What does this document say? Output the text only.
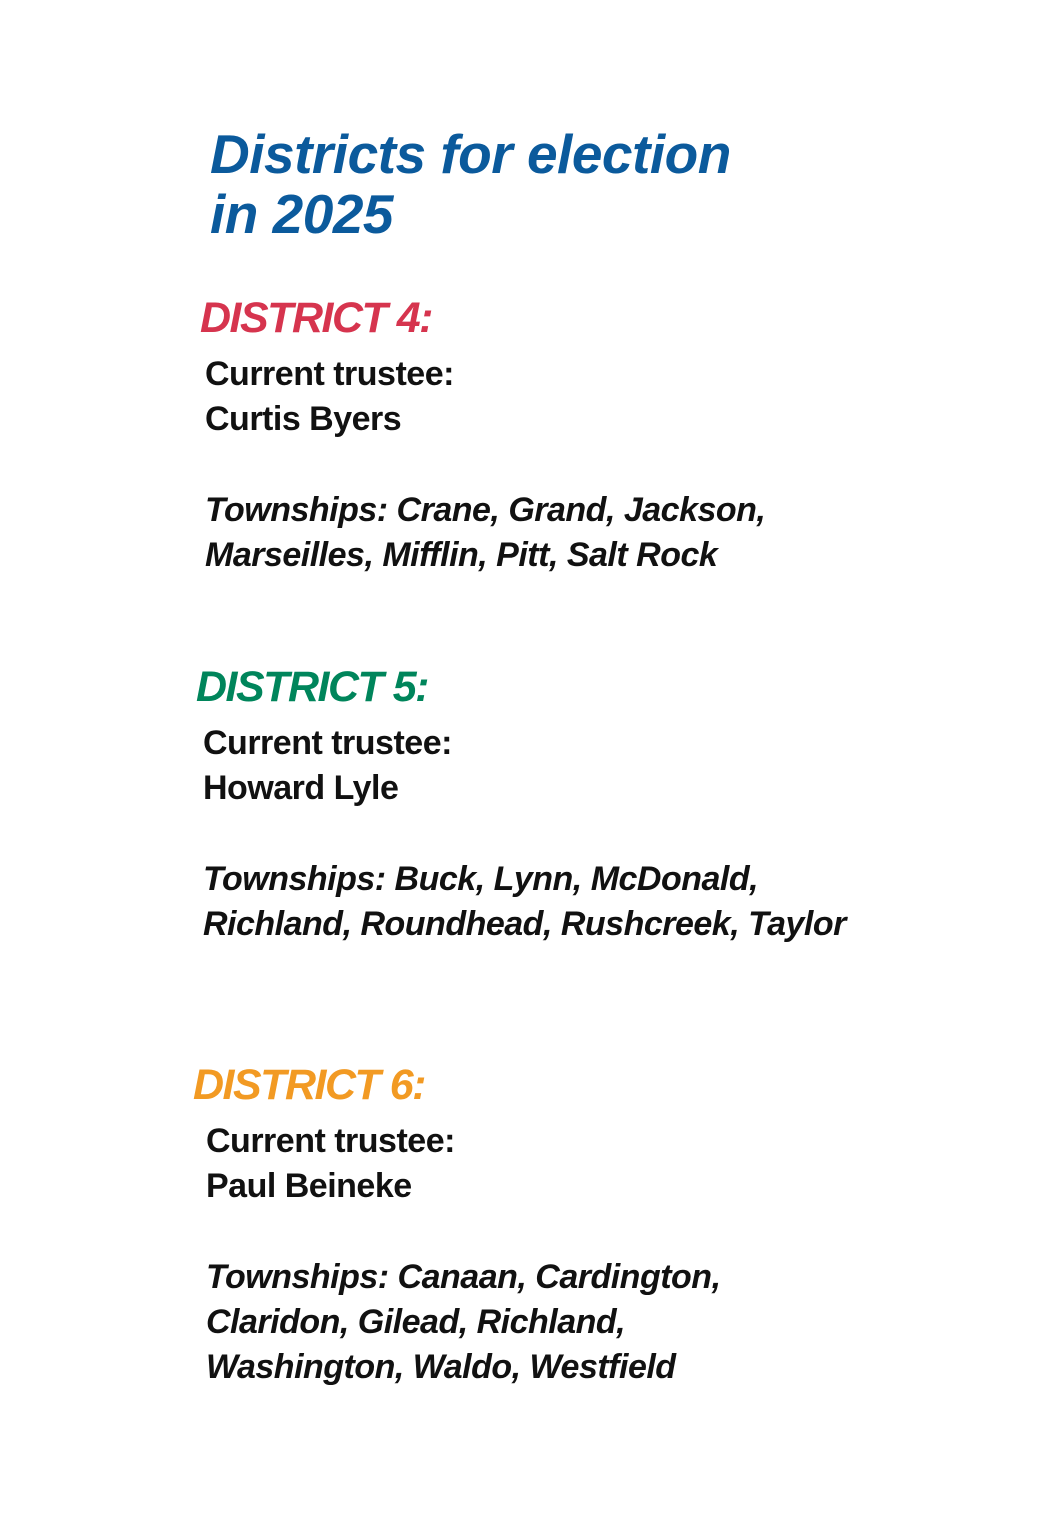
Districts for election
in 2025
DISTRICT 4:

Current trustee:
Curtis Byers

Townships: Crane, Grand, Jackson,
Marseilles, Mifflin, Pitt, Salt Rock

DISTRICT 5:

Current trustee:
Howard Lyle

Townships: Buck, Lynn, McDonald,
Richland, Roundhead, Rushcreek, Taylor

DISTRICT 6:

Current trustee:
Paul Beineke

Townships: Canaan, Cardington,
Claridon, Gilead, Richland,
Washington, Waldo, Westfield
